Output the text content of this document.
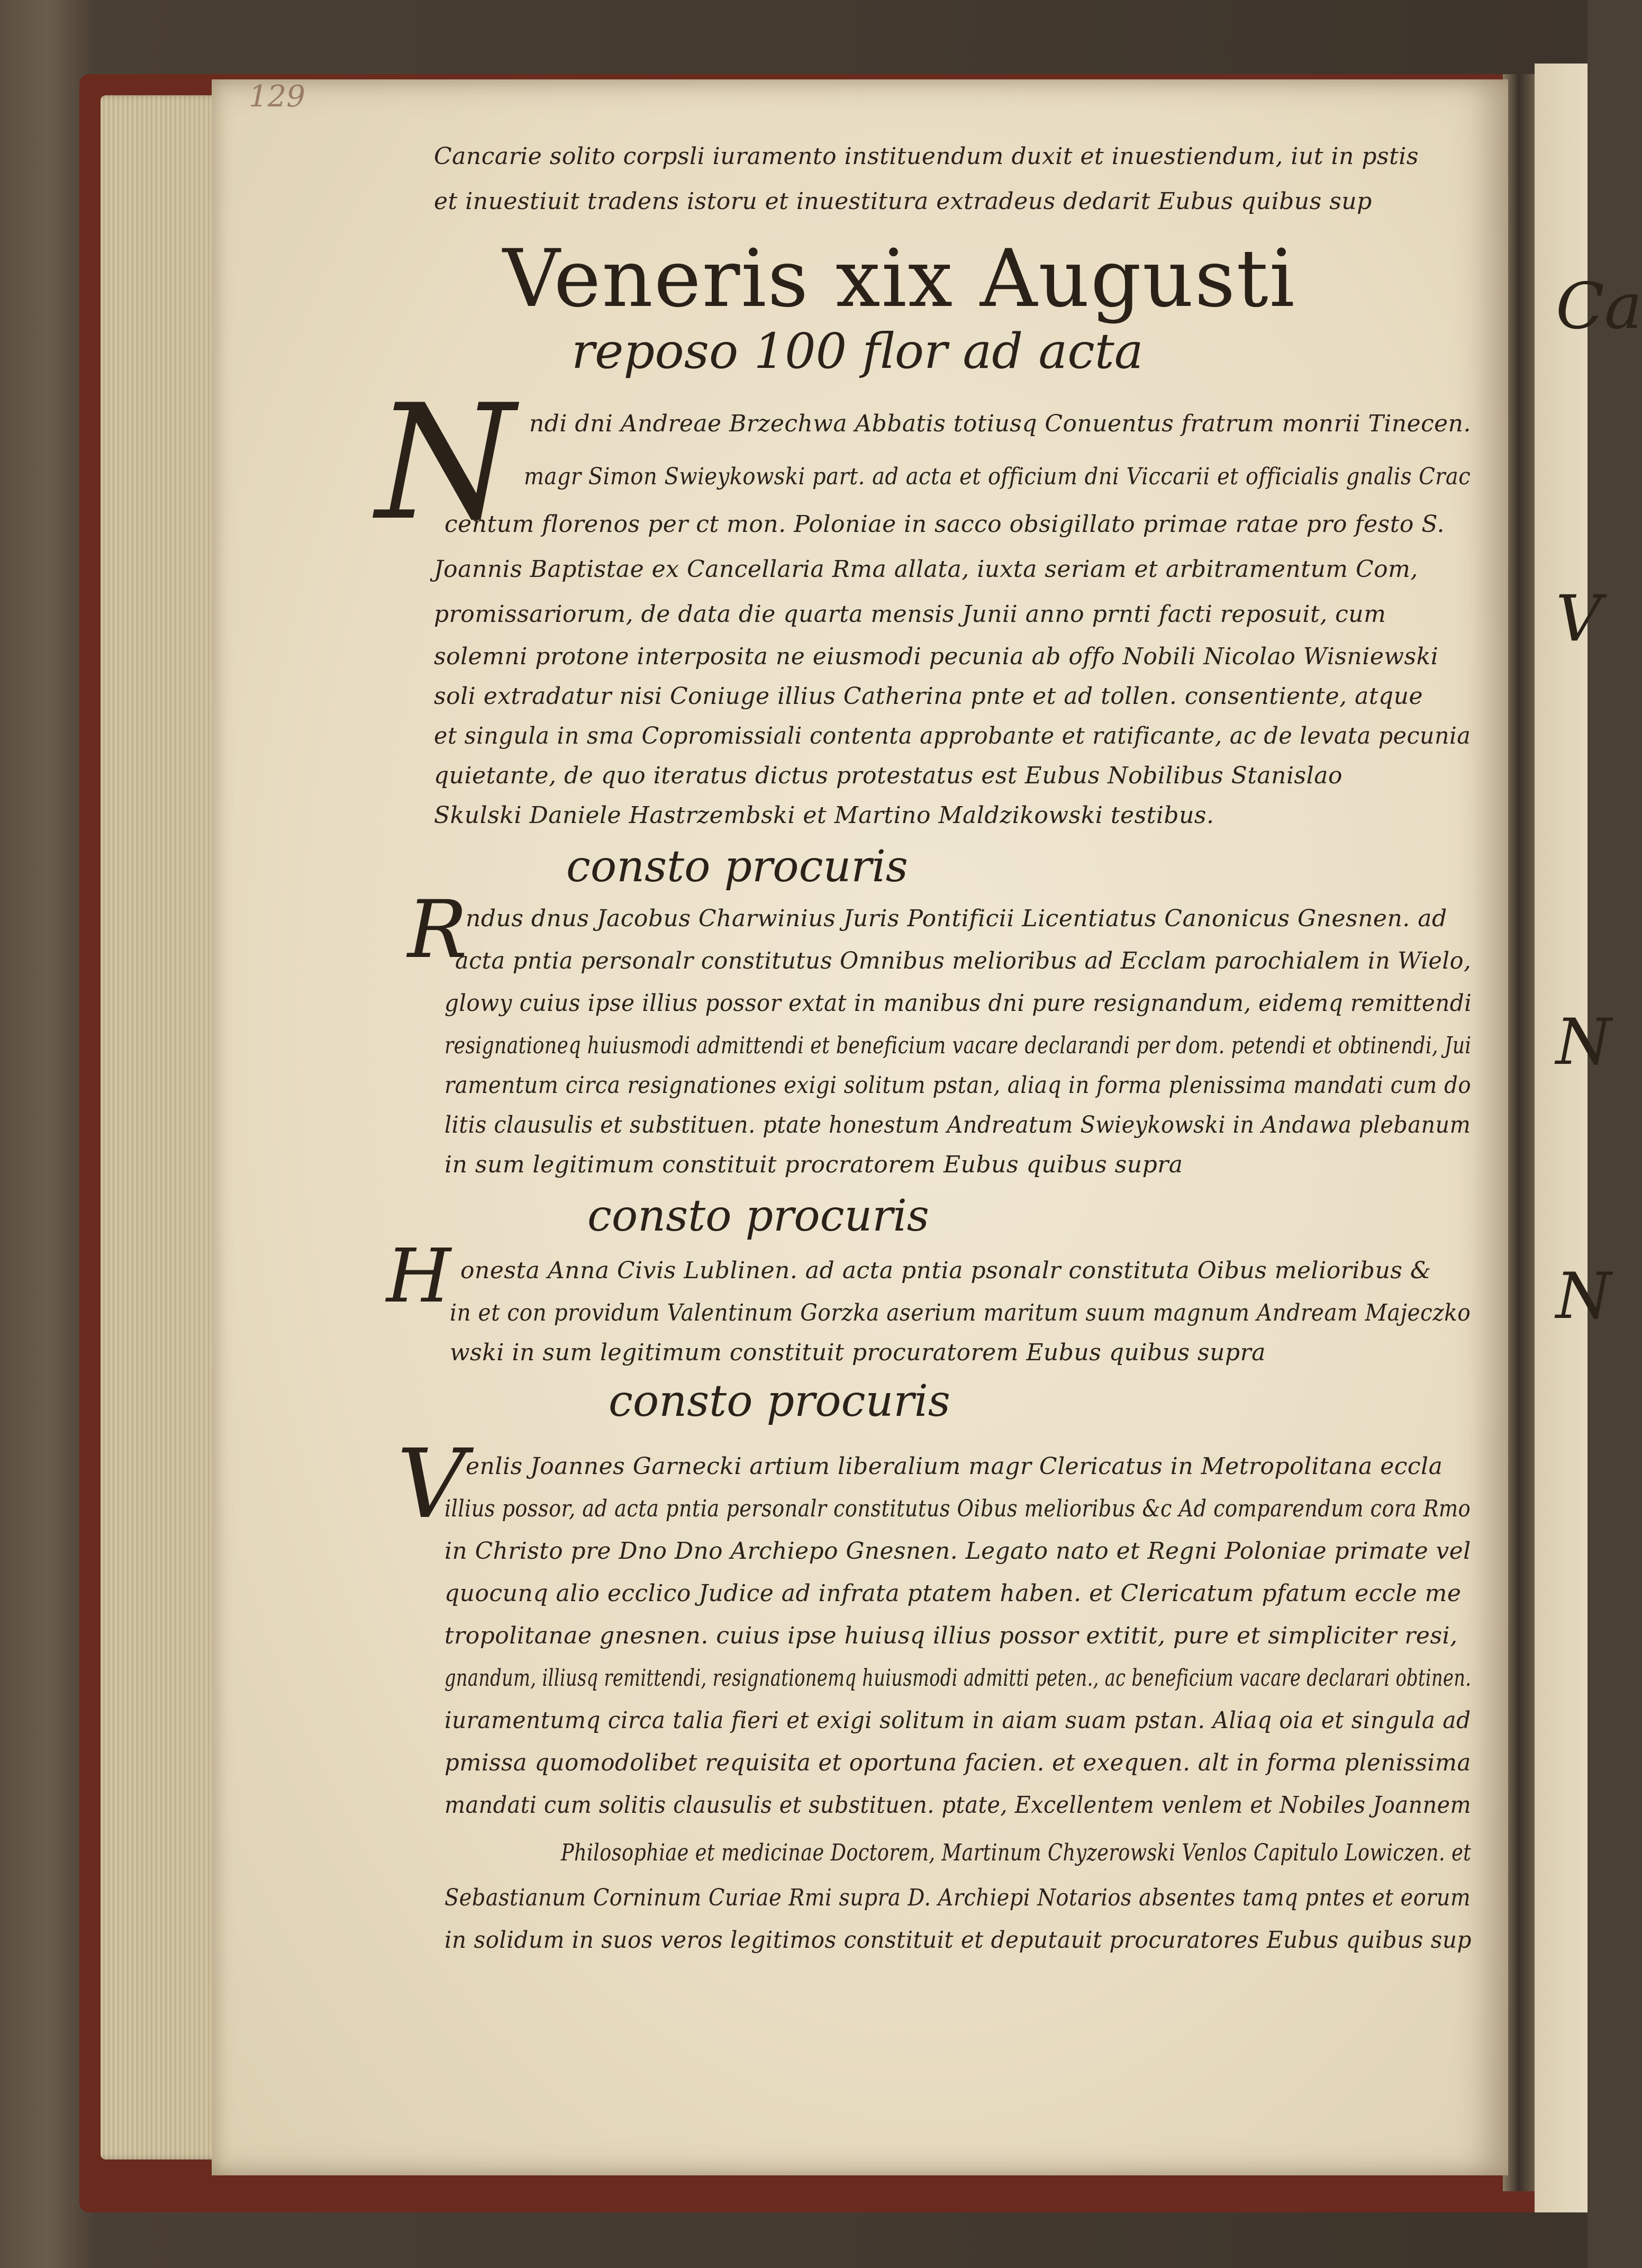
Ca
V
N
N
129
Cancarie solito corpsli iuramento instituendum duxit et inuestiendum, iut in pstis
et inuestiuit tradens istoru et inuestitura extradeus dedarit Eubus quibus sup
Veneris xix Augusti
reposo 100 flor ad acta
N ndi dni Andreae Brzechwa Abbatis totiusq Conuentus fratrum monrii Tinecen.
magr Simon Swieykowski part. ad acta et officium dni Viccarii et officialis gnalis Crac
centum florenos per ct mon. Poloniae in sacco obsigillato primae ratae pro festo S.
Joannis Baptistae ex Cancellaria Rma allata, iuxta seriam et arbitramentum Com,
promissariorum, de data die quarta mensis Junii anno prnti facti reposuit, cum
solemni protone interposita ne eiusmodi pecunia ab offo Nobili Nicolao Wisniewski
soli extradatur nisi Coniuge illius Catherina pnte et ad tollen. consentiente, atque
et singula in sma Copromissiali contenta approbante et ratificante, ac de levata pecunia
quietante, de quo iteratus dictus protestatus est Eubus Nobilibus Stanislao
Skulski Daniele Hastrzembski et Martino Maldzikowski testibus.
consto procuris
R
ndus dnus Jacobus Charwinius Juris Pontificii Licentiatus Canonicus Gnesnen. ad
acta pntia personalr constitutus Omnibus melioribus ad Ecclam parochialem in Wielo,
glowy cuius ipse illius possor extat in manibus dni pure resignandum, eidemq remittendi
resignationeq huiusmodi admittendi et beneficium vacare declarandi per dom. petendi et obtinendi, Jui
ramentum circa resignationes exigi solitum pstan, aliaq in forma plenissima mandati cum do
litis clausulis et substituen. ptate honestum Andreatum Swieykowski in Andawa plebanum
in sum legitimum constituit procratorem Eubus quibus supra
consto procuris
H onesta Anna Civis Lublinen. ad acta pntia psonalr constituta Oibus melioribus &
in et con providum Valentinum Gorzka aserium maritum suum magnum Andream Majeczko
wski in sum legitimum constituit procuratorem Eubus quibus supra
consto procuris
V enlis Joannes Garnecki artium liberalium magr Clericatus in Metropolitana eccla
illius possor, ad acta pntia personalr constitutus Oibus melioribus &c Ad comparendum cora Rmo
in Christo pre Dno Dno Archiepo Gnesnen. Legato nato et Regni Poloniae primate vel
quocunq alio ecclico Judice ad infrata ptatem haben. et Clericatum pfatum eccle me
tropolitanae gnesnen. cuius ipse huiusq illius possor extitit, pure et simpliciter resi,
gnandum, illiusq remittendi, resignationemq huiusmodi admitti peten., ac beneficium vacare declarari obtinen.
iuramentumq circa talia fieri et exigi solitum in aiam suam pstan. Aliaq oia et singula ad
pmissa quomodolibet requisita et oportuna facien. et exequen. alt in forma plenissima
mandati cum solitis clausulis et substituen. ptate, Excellentem venlem et Nobiles Joannem
Philosophiae et medicinae Doctorem, Martinum Chyzerowski Venlos Capitulo Lowiczen. et
Sebastianum Corninum Curiae Rmi supra D. Archiepi Notarios absentes tamq pntes et eorum
in solidum in suos veros legitimos constituit et deputauit procuratores Eubus quibus sup
